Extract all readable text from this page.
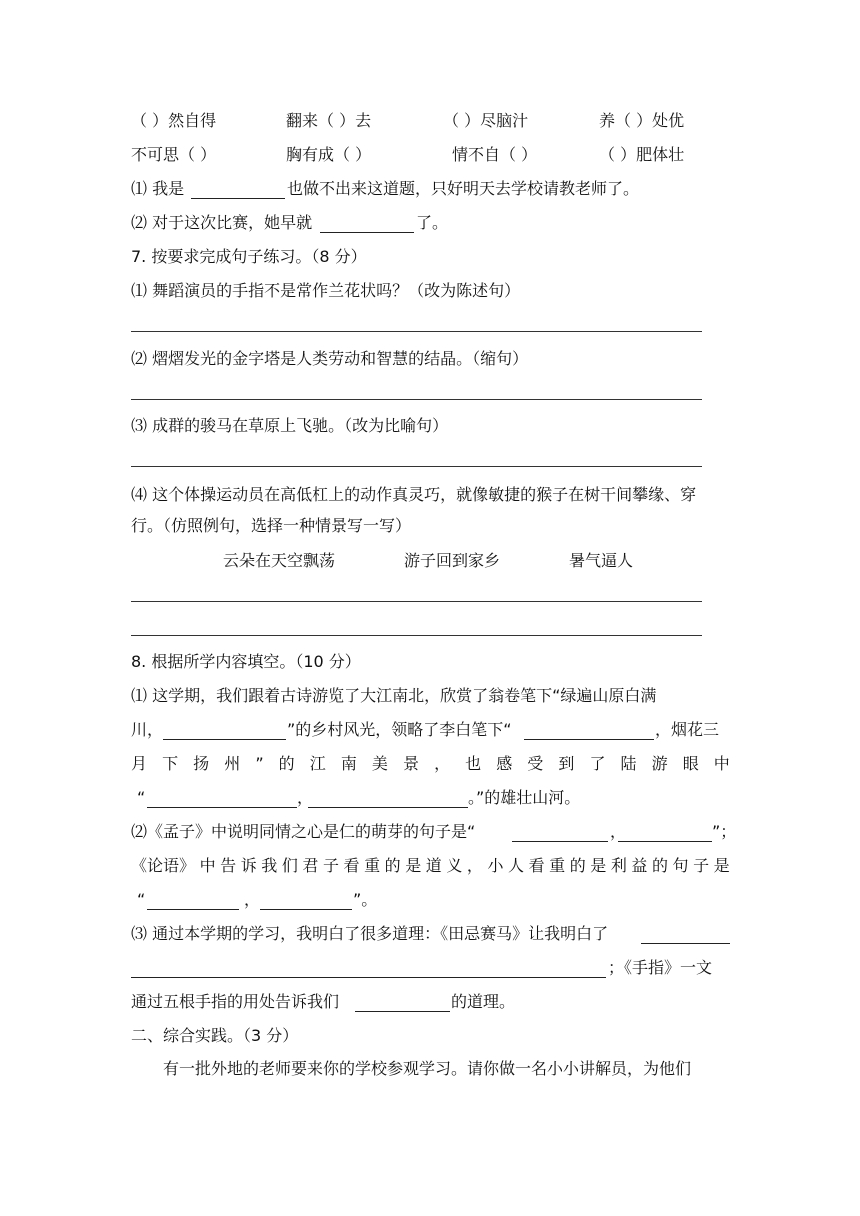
（ ）然自得	翻来（ ）去	（ ）尽脑汁	养（ ）处优
不可思（ ）	胸有成（ ）	情不自（ ）	（ ）肥体壮
⑴ 我是	也做不出来这道题，只好明天去学校请教老师了。
⑵ 对于这次比赛，她早就	了。
7. 按要求完成句子练习。（8 分）
⑴ 舞蹈演员的手指不是常作兰花状吗？（改为陈述句）
⑵ 熠熠发光的金字塔是人类劳动和智慧的结晶。（缩句）
⑶ 成群的骏马在草原上飞驰。（改为比喻句）
⑷ 这个体操运动员在高低杠上的动作真灵巧，就像敏捷的猴子在树干间攀缘、穿
行。（仿照例句，选择一种情景写一写）
云朵在天空飘荡	游子回到家乡	暑气逼人
8. 根据所学内容填空。（10 分）
⑴ 这学期，我们跟着古诗游览了大江南北，欣赏了翁卷笔下“绿遍山原白满
川，	”的乡村风光，领略了李白笔下“	，烟花三
月 下 扬 州 ” 的 江 南 美 景 ， 也 感 受 到 了 陆 游 眼 中
“	，	。”的雄壮山河。
⑵《孟子》中说明同情之心是仁的萌芽的句子是“	，	”；
《论语》 中 告 诉 我 们 君 子 看 重 的 是 道 义 ， 小 人 看 重 的 是 利 益 的 句 子 是
“	，	”。
⑶ 通过本学期的学习，我明白了很多道理：《田忌赛马》让我明白了
；《手指》一文
通过五根手指的用处告诉我们	的道理。
二、综合实践。（3 分）
有一批外地的老师要来你的学校参观学习。请你做一名小小讲解员，为他们
